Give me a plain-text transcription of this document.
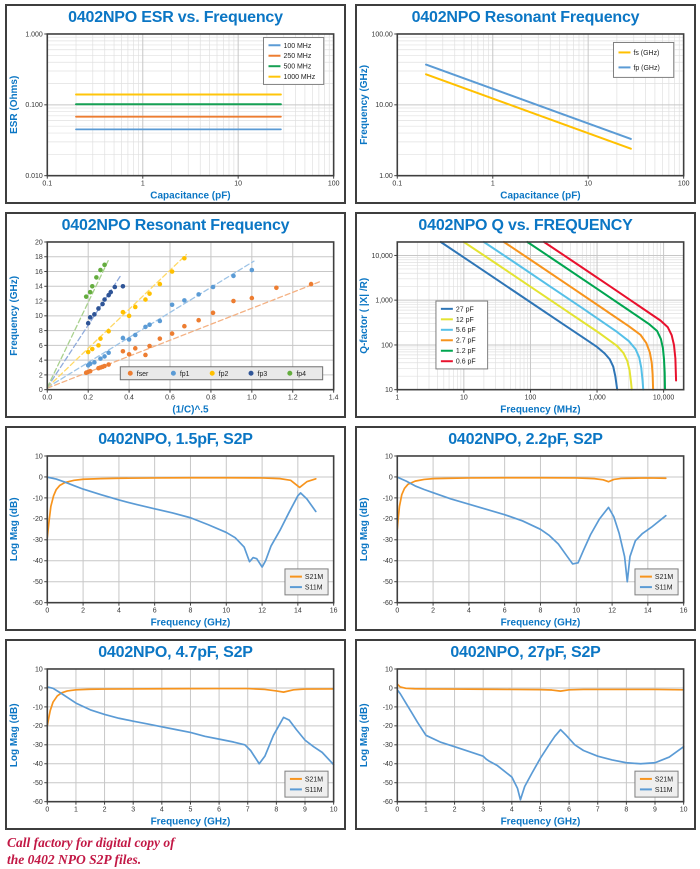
0402NPO ESR vs. Frequency
0.1	1	10	100
0.010
0.100
1.000
Capacitance (pF)
ESR (Ohms)
100 MHz
250 MHz
500 MHz
1000 MHz
0402NPO Resonant Frequency
0.1	1	10	100
1.00
10.00
100.00
Capacitance (pF)
Frequency (GHz)
fs (GHz)
fp (GHz)
0402NPO Resonant Frequency
0.0	0.2	0.4	0.6	0.8	1.0	1.2	1.4
0
2
4
6
8
10
12
14
16
18
20
(1/C)^.5
Frequency (GHz)
fser	fp1	fp2	fp3	fp4
0402NPO Q vs. FREQUENCY
1	10	100	1,000	10,000
10
100
1,000
10,000
Frequency (MHz)
Q-factor ( |X| /R)	27 pF
12 pF
5.6 pF
2.7 pF
1.2 pF
0.6 pF
0402NPO, 1.5pF, S2P
0	2	4	6	8	10	12	14	16
10
0
-10
-20
-30
-40
-50
-60
Frequency (GHz)
Log Mag (dB)
S21M
S11M
0402NPO, 2.2pF, S2P
0	2	4	6	8	10	12	14	16
10
0
-10
-20
-30
-40
-50
-60
Frequency (GHz)
Log Mag (dB)
S21M
S11M
0402NPO, 4.7pF, S2P
0	1	2	3	4	5	6	7	8	9	10
10
0
-10
-20
-30
-40
-50
-60
Frequency (GHz)
Log Mag (dB)
S21M
S11M
0402NPO, 27pF, S2P
0	1	2	3	4	5	6	7	8	9	10
10
0
-10
-20
-30
-40
-50
-60
Frequency (GHz)
Log Mag (dB)
S21M
S11M
Call factory for digital copy of
the 0402 NPO S2P files.
